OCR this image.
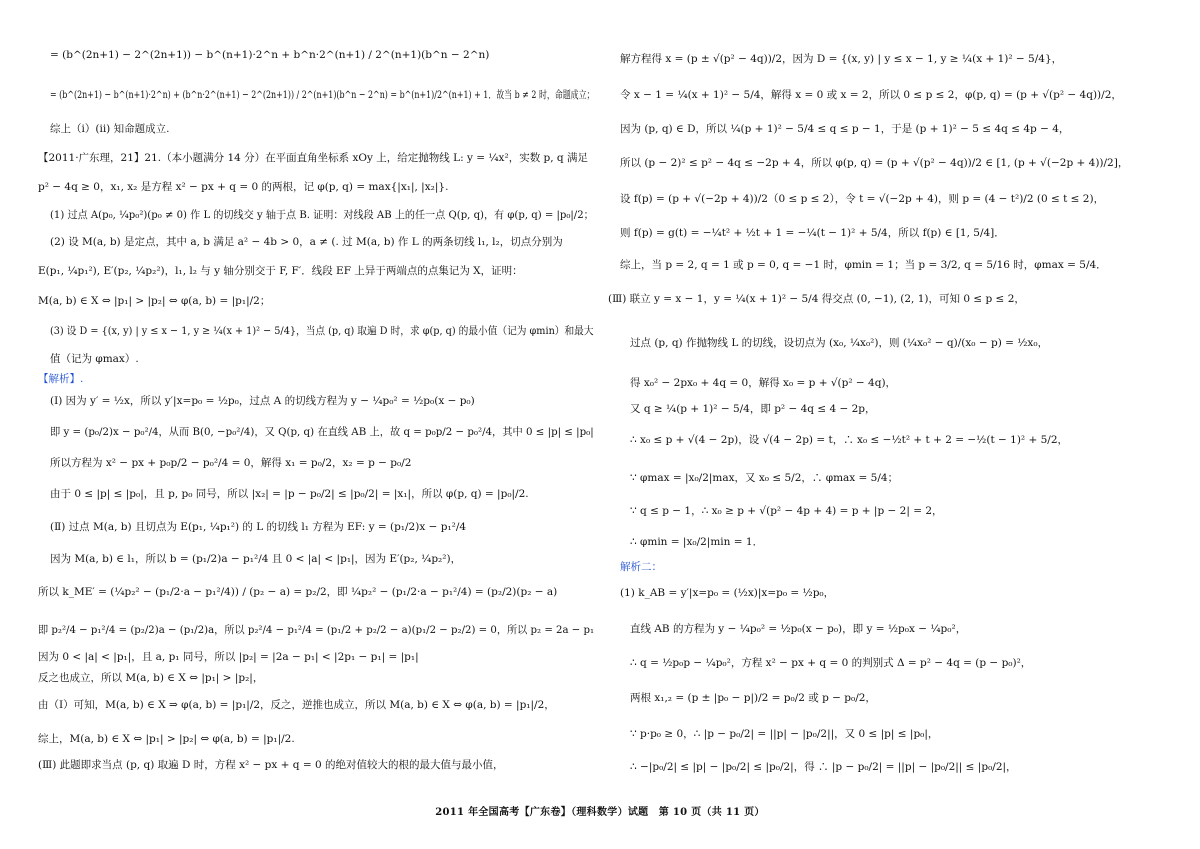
= (b^(2n+1) − 2^(2n+1)) − b^(n+1)·2^n + b^n·2^(n+1) / 2^(n+1)(b^n − 2^n)
= (b^(2n+1) − b^(n+1)·2^n) + (b^n·2^(n+1) − 2^(2n+1)) / 2^(n+1)(b^n − 2^n) = b^(n+1)/2^(n+1) + 1．故当 b ≠ 2 时，命题成立；
综上（i）(ii) 知命题成立.
【2011·广东理，21】21.（本小题满分 14 分）在平面直角坐标系 xOy 上，给定抛物线 L: y = ¼x²，实数 p, q 满足
p² − 4q ≥ 0，x₁, x₂ 是方程 x² − px + q = 0 的两根，记 φ(p, q) = max{|x₁|, |x₂|}.
(1) 过点 A(p₀, ¼p₀²)(p₀ ≠ 0) 作 L 的切线交 y 轴于点 B. 证明：对线段 AB 上的任一点 Q(p, q)，有 φ(p, q) = |p₀|/2；
(2) 设 M(a, b) 是定点，其中 a, b 满足 a² − 4b > 0，a ≠ (. 过 M(a, b) 作 L 的两条切线 l₁, l₂，切点分别为
E(p₁, ¼p₁²), E′(p₂, ¼p₂²)，l₁, l₂ 与 y 轴分别交于 F, F′．线段 EF 上异于两端点的点集记为 X，证明：
M(a, b) ∈ X ⇔ |p₁| > |p₂| ⇔ φ(a, b) = |p₁|/2；
(3) 设 D = {(x, y) | y ≤ x − 1, y ≥ ¼(x + 1)² − 5/4}，当点 (p, q) 取遍 D 时，求 φ(p, q) 的最小值（记为 φmin）和最大
值（记为 φmax）.
【解析】.
(Ⅰ) 因为 y′ = ½x，所以 y′|x=p₀ = ½p₀，过点 A 的切线方程为 y − ¼p₀² = ½p₀(x − p₀)
即 y = (p₀/2)x − p₀²/4，从而 B(0, −p₀²/4)，又 Q(p, q) 在直线 AB 上，故 q = p₀p/2 − p₀²/4，其中 0 ≤ |p| ≤ |p₀|
所以方程为 x² − px + p₀p/2 − p₀²/4 = 0，解得 x₁ = p₀/2，x₂ = p − p₀/2
由于 0 ≤ |p| ≤ |p₀|，且 p, p₀ 同号，所以 |x₂| = |p − p₀/2| ≤ |p₀/2| = |x₁|，所以 φ(p, q) = |p₀|/2.
(Ⅱ) 过点 M(a, b) 且切点为 E(p₁, ¼p₁²) 的 L 的切线 l₁ 方程为 EF: y = (p₁/2)x − p₁²/4
因为 M(a, b) ∈ l₁，所以 b = (p₁/2)a − p₁²/4 且 0 < |a| < |p₁|，因为 E′(p₂, ¼p₂²)，
所以 k_ME′ = (¼p₂² − (p₁/2·a − p₁²/4)) / (p₂ − a) = p₂/2，即 ¼p₂² − (p₁/2·a − p₁²/4) = (p₂/2)(p₂ − a)
即 p₂²/4 − p₁²/4 = (p₂/2)a − (p₁/2)a，所以 p₂²/4 − p₁²/4 = (p₁/2 + p₂/2 − a)(p₁/2 − p₂/2) = 0，所以 p₂ = 2a − p₁
因为 0 < |a| < |p₁|，且 a, p₁ 同号，所以 |p₂| = |2a − p₁| < |2p₁ − p₁| = |p₁|
反之也成立，所以 M(a, b) ∈ X ⇔ |p₁| > |p₂|，
由（Ⅰ）可知，M(a, b) ∈ X ⇒ φ(a, b) = |p₁|/2，反之，逆推也成立，所以 M(a, b) ∈ X ⇔ φ(a, b) = |p₁|/2，
综上，M(a, b) ∈ X ⇔ |p₁| > |p₂| ⇔ φ(a, b) = |p₁|/2.
(Ⅲ) 此题即求当点 (p, q) 取遍 D 时，方程 x² − px + q = 0 的绝对值较大的根的最大值与最小值，
解方程得 x = (p ± √(p² − 4q))/2，因为 D = {(x, y) | y ≤ x − 1, y ≥ ¼(x + 1)² − 5/4}，
令 x − 1 = ¼(x + 1)² − 5/4，解得 x = 0 或 x = 2，所以 0 ≤ p ≤ 2，φ(p, q) = (p + √(p² − 4q))/2，
因为 (p, q) ∈ D，所以 ¼(p + 1)² − 5/4 ≤ q ≤ p − 1，于是 (p + 1)² − 5 ≤ 4q ≤ 4p − 4，
所以 (p − 2)² ≤ p² − 4q ≤ −2p + 4，所以 φ(p, q) = (p + √(p² − 4q))/2 ∈ [1, (p + √(−2p + 4))/2]，
设 f(p) = (p + √(−2p + 4))/2（0 ≤ p ≤ 2），令 t = √(−2p + 4)，则 p = (4 − t²)/2 (0 ≤ t ≤ 2)，
则 f(p) = g(t) = −¼t² + ½t + 1 = −¼(t − 1)² + 5/4，所以 f(p) ∈ [1, 5/4]．
综上，当 p = 2, q = 1 或 p = 0, q = −1 时，φmin = 1；当 p = 3/2, q = 5/16 时，φmax = 5/4．
(Ⅲ) 联立 y = x − 1，y = ¼(x + 1)² − 5/4 得交点 (0, −1), (2, 1)，可知 0 ≤ p ≤ 2，
过点 (p, q) 作抛物线 L 的切线，设切点为 (x₀, ¼x₀²)，则 (¼x₀² − q)/(x₀ − p) = ½x₀，
得 x₀² − 2px₀ + 4q = 0，解得 x₀ = p + √(p² − 4q)，
又 q ≥ ¼(p + 1)² − 5/4，即 p² − 4q ≤ 4 − 2p，
∴ x₀ ≤ p + √(4 − 2p)，设 √(4 − 2p) = t，∴ x₀ ≤ −½t² + t + 2 = −½(t − 1)² + 5/2，
∵ φmax = |x₀/2|max，又 x₀ ≤ 5/2，∴ φmax = 5/4；
∵ q ≤ p − 1，∴ x₀ ≥ p + √(p² − 4p + 4) = p + |p − 2| = 2，
∴ φmin = |x₀/2|min = 1．
解析二：
(1) k_AB = y′|x=p₀ = (½x)|x=p₀ = ½p₀，
直线 AB 的方程为 y − ¼p₀² = ½p₀(x − p₀)，即 y = ½p₀x − ¼p₀²，
∴ q = ½p₀p − ¼p₀²，方程 x² − px + q = 0 的判别式 Δ = p² − 4q = (p − p₀)²，
两根 x₁,₂ = (p ± |p₀ − p|)/2 = p₀/2 或 p − p₀/2，
∵ p·p₀ ≥ 0，∴ |p − p₀/2| = ||p| − |p₀/2||，又 0 ≤ |p| ≤ |p₀|，
∴ −|p₀/2| ≤ |p| − |p₀/2| ≤ |p₀/2|，得 ∴ |p − p₀/2| = ||p| − |p₀/2|| ≤ |p₀/2|，
2011 年全国高考【广东卷】（理科数学）试题　第 10 页（共 11 页）
